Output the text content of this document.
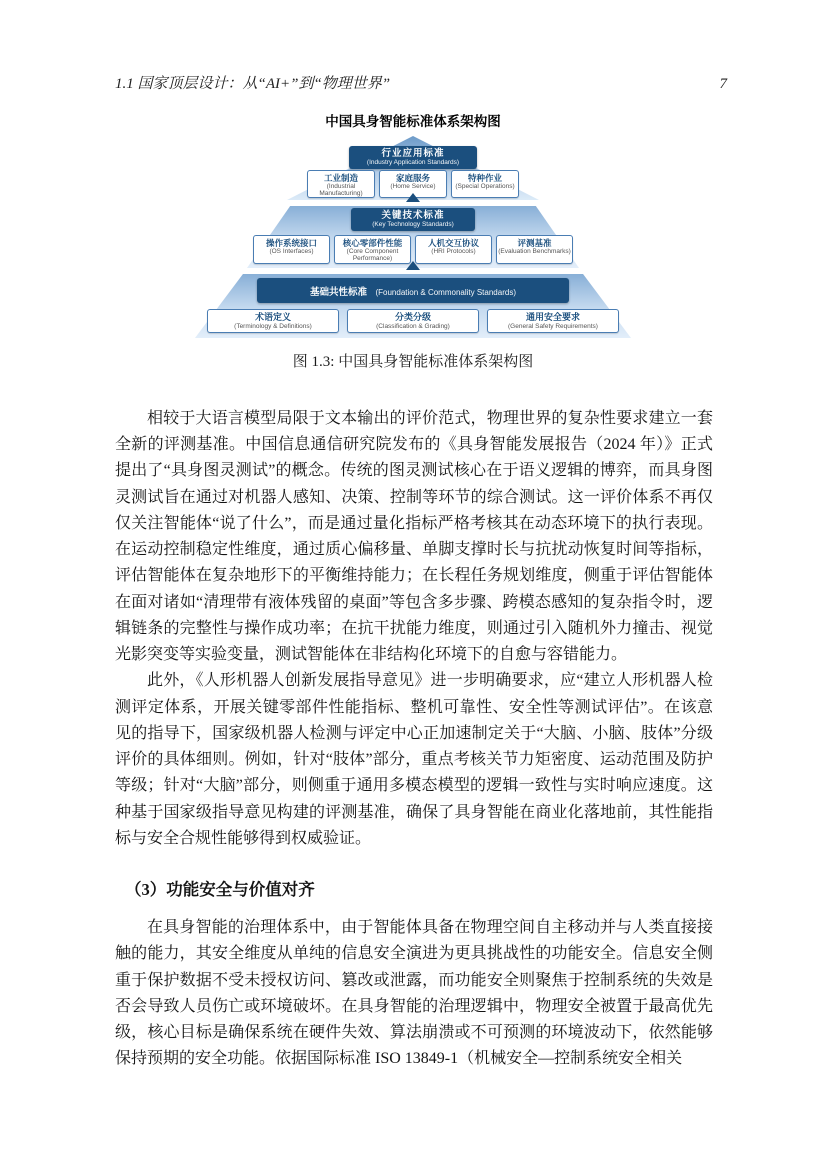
1.1 国家顶层设计：从“AI+”到“物理世界”	7
中国具身智能标准体系架构图
行业应用标准
(Industry Application Standards)
工业制造
(Industrial Manufacturing)
家庭服务
(Home Service)
特种作业
(Special Operations)
关键技术标准
(Key Technology Standards)
操作系统接口
(OS Interfaces)
核心零部件性能
(Core Component Performance)
人机交互协议
(HRI Protocols)
评测基准
(Evaluation Benchmarks)
基础共性标准 (Foundation & Commonality Standards)
术语定义
(Terminology & Definitions)
分类分级
(Classification & Grading)
通用安全要求
(General Safety Requirements)
图 1.3: 中国具身智能标准体系架构图

相较于大语言模型局限于文本输出的评价范式，物理世界的复杂性要求建立一套全新的评测基准。中国信息通信研究院发布的《具身智能发展报告（2024 年）》正式提出了“具身图灵测试”的概念。传统的图灵测试核心在于语义逻辑的博弈，而具身图灵测试旨在通过对机器人感知、决策、控制等环节的综合测试。这一评价体系不再仅仅关注智能体“说了什么”，而是通过量化指标严格考核其在动态环境下的执行表现。在运动控制稳定性维度，通过质心偏移量、单脚支撑时长与抗扰动恢复时间等指标，评估智能体在复杂地形下的平衡维持能力；在长程任务规划维度，侧重于评估智能体在面对诸如“清理带有液体残留的桌面”等包含多步骤、跨模态感知的复杂指令时，逻辑链条的完整性与操作成功率；在抗干扰能力维度，则通过引入随机外力撞击、视觉光影突变等实验变量，测试智能体在非结构化环境下的自愈与容错能力。

此外，《人形机器人创新发展指导意见》进一步明确要求，应“建立人形机器人检测评定体系，开展关键零部件性能指标、整机可靠性、安全性等测试评估”。在该意见的指导下，国家级机器人检测与评定中心正加速制定关于“大脑、小脑、肢体”分级评价的具体细则。例如，针对“肢体”部分，重点考核关节力矩密度、运动范围及防护等级；针对“大脑”部分，则侧重于通用多模态模型的逻辑一致性与实时响应速度。这种基于国家级指导意见构建的评测基准，确保了具身智能在商业化落地前，其性能指标与安全合规性能够得到权威验证。

（3）功能安全与价值对齐

在具身智能的治理体系中，由于智能体具备在物理空间自主移动并与人类直接接触的能力，其安全维度从单纯的信息安全演进为更具挑战性的功能安全。信息安全侧重于保护数据不受未授权访问、篡改或泄露，而功能安全则聚焦于控制系统的失效是否会导致人员伤亡或环境破坏。在具身智能的治理逻辑中，物理安全被置于最高优先级，核心目标是确保系统在硬件失效、算法崩溃或不可预测的环境波动下，依然能够保持预期的安全功能。依据国际标准 ISO 13849-1（机械安全—控制系统安全相关
